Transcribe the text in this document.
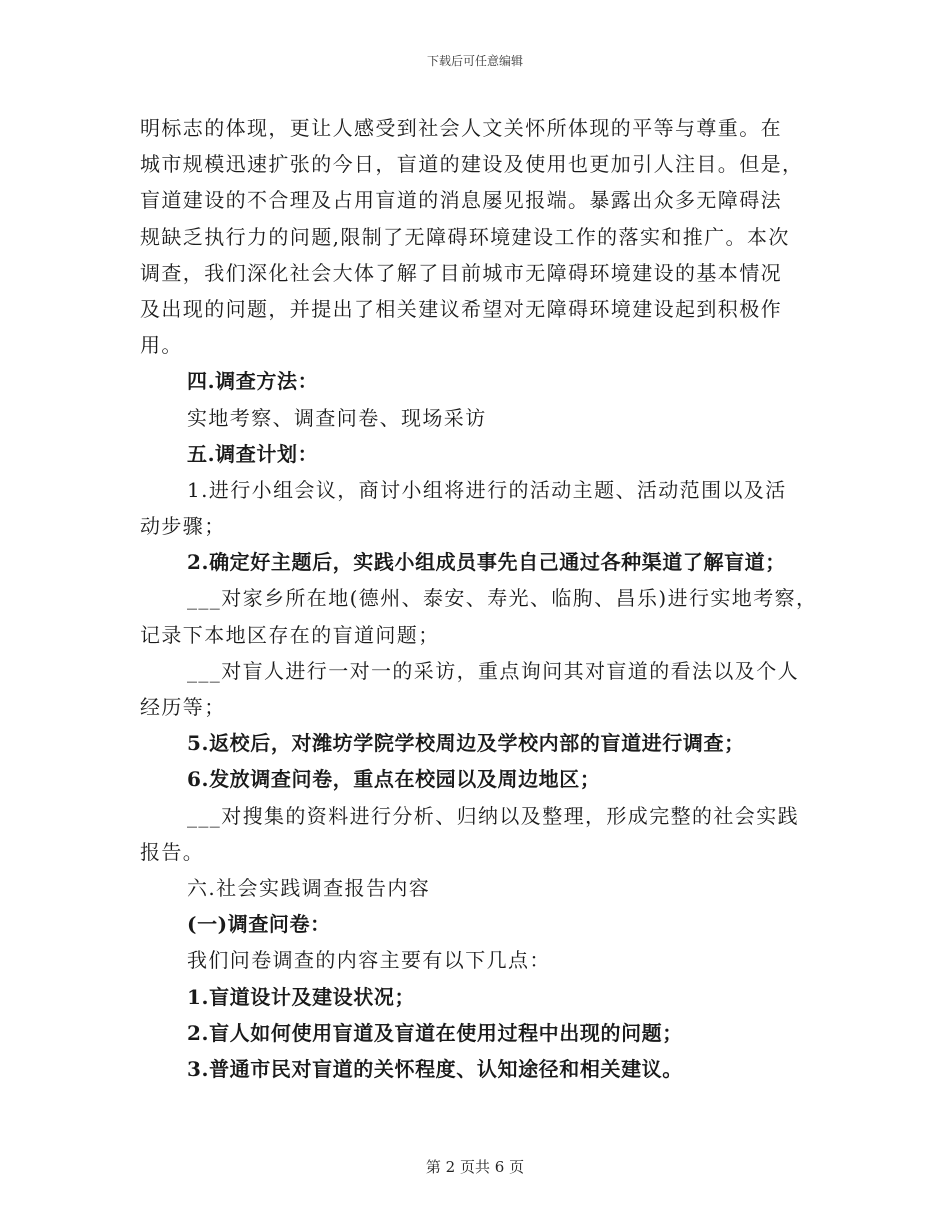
下载后可任意编辑
明标志的体现，更让人感受到社会人文关怀所体现的平等与尊重。在
城市规模迅速扩张的今日，盲道的建设及使用也更加引人注目。但是，
盲道建设的不合理及占用盲道的消息屡见报端。暴露出众多无障碍法
规缺乏执行力的问题,限制了无障碍环境建设工作的落实和推广。本次
调查，我们深化社会大体了解了目前城市无障碍环境建设的基本情况
及出现的问题，并提出了相关建议希望对无障碍环境建设起到积极作
用。
四.调查方法：
实地考察、调查问卷、现场采访
五.调查计划：
1.进行小组会议，商讨小组将进行的活动主题、活动范围以及活
动步骤；
2.确定好主题后，实践小组成员事先自己通过各种渠道了解盲道；
___对家乡所在地(德州、泰安、寿光、临朐、昌乐)进行实地考察，
记录下本地区存在的盲道问题；
___对盲人进行一对一的采访，重点询问其对盲道的看法以及个人
经历等；
5.返校后，对潍坊学院学校周边及学校内部的盲道进行调查；
6.发放调查问卷，重点在校园以及周边地区；
___对搜集的资料进行分析、归纳以及整理，形成完整的社会实践
报告。
六.社会实践调查报告内容
(一)调查问卷：
我们问卷调查的内容主要有以下几点：
1.盲道设计及建设状况；
2.盲人如何使用盲道及盲道在使用过程中出现的问题；
3.普通市民对盲道的关怀程度、认知途径和相关建议。
第 2 页共 6 页
